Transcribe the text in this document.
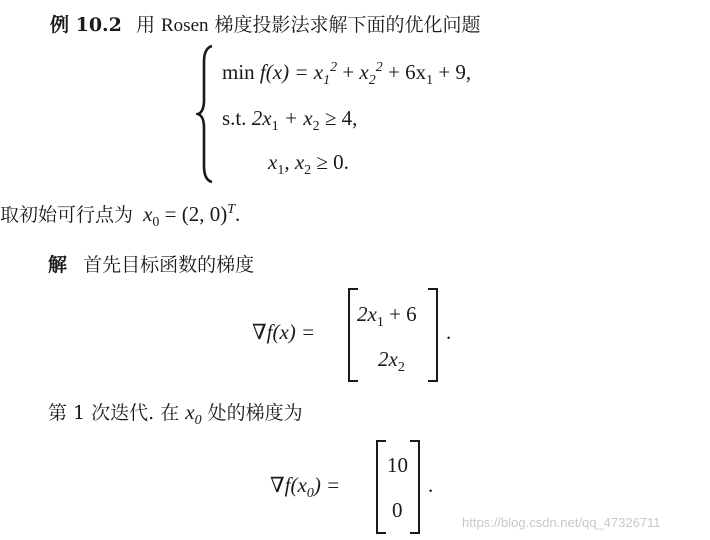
例 10.2 用 Rosen 梯度投影法求解下面的优化问题
$\min f(x) = x_1^2 + x_2^2 + 6x_1 + 9$,
s.t. $2x_1 + x_2 \ge 4$,
$x_1$, $x_2 \ge 0$.
取初始可行点为 $x_0 = (2$, 0)$^T$.
解 首先目标函数的梯度
∇f(x) =
$2x_1 + 6$
$2x_2$
.
第 1 次迭代. 在 $x_0$ 处的梯度为
$\nabla f(x_0)$ =
10
0
.
https://blog.csdn.net/qq_47326711
